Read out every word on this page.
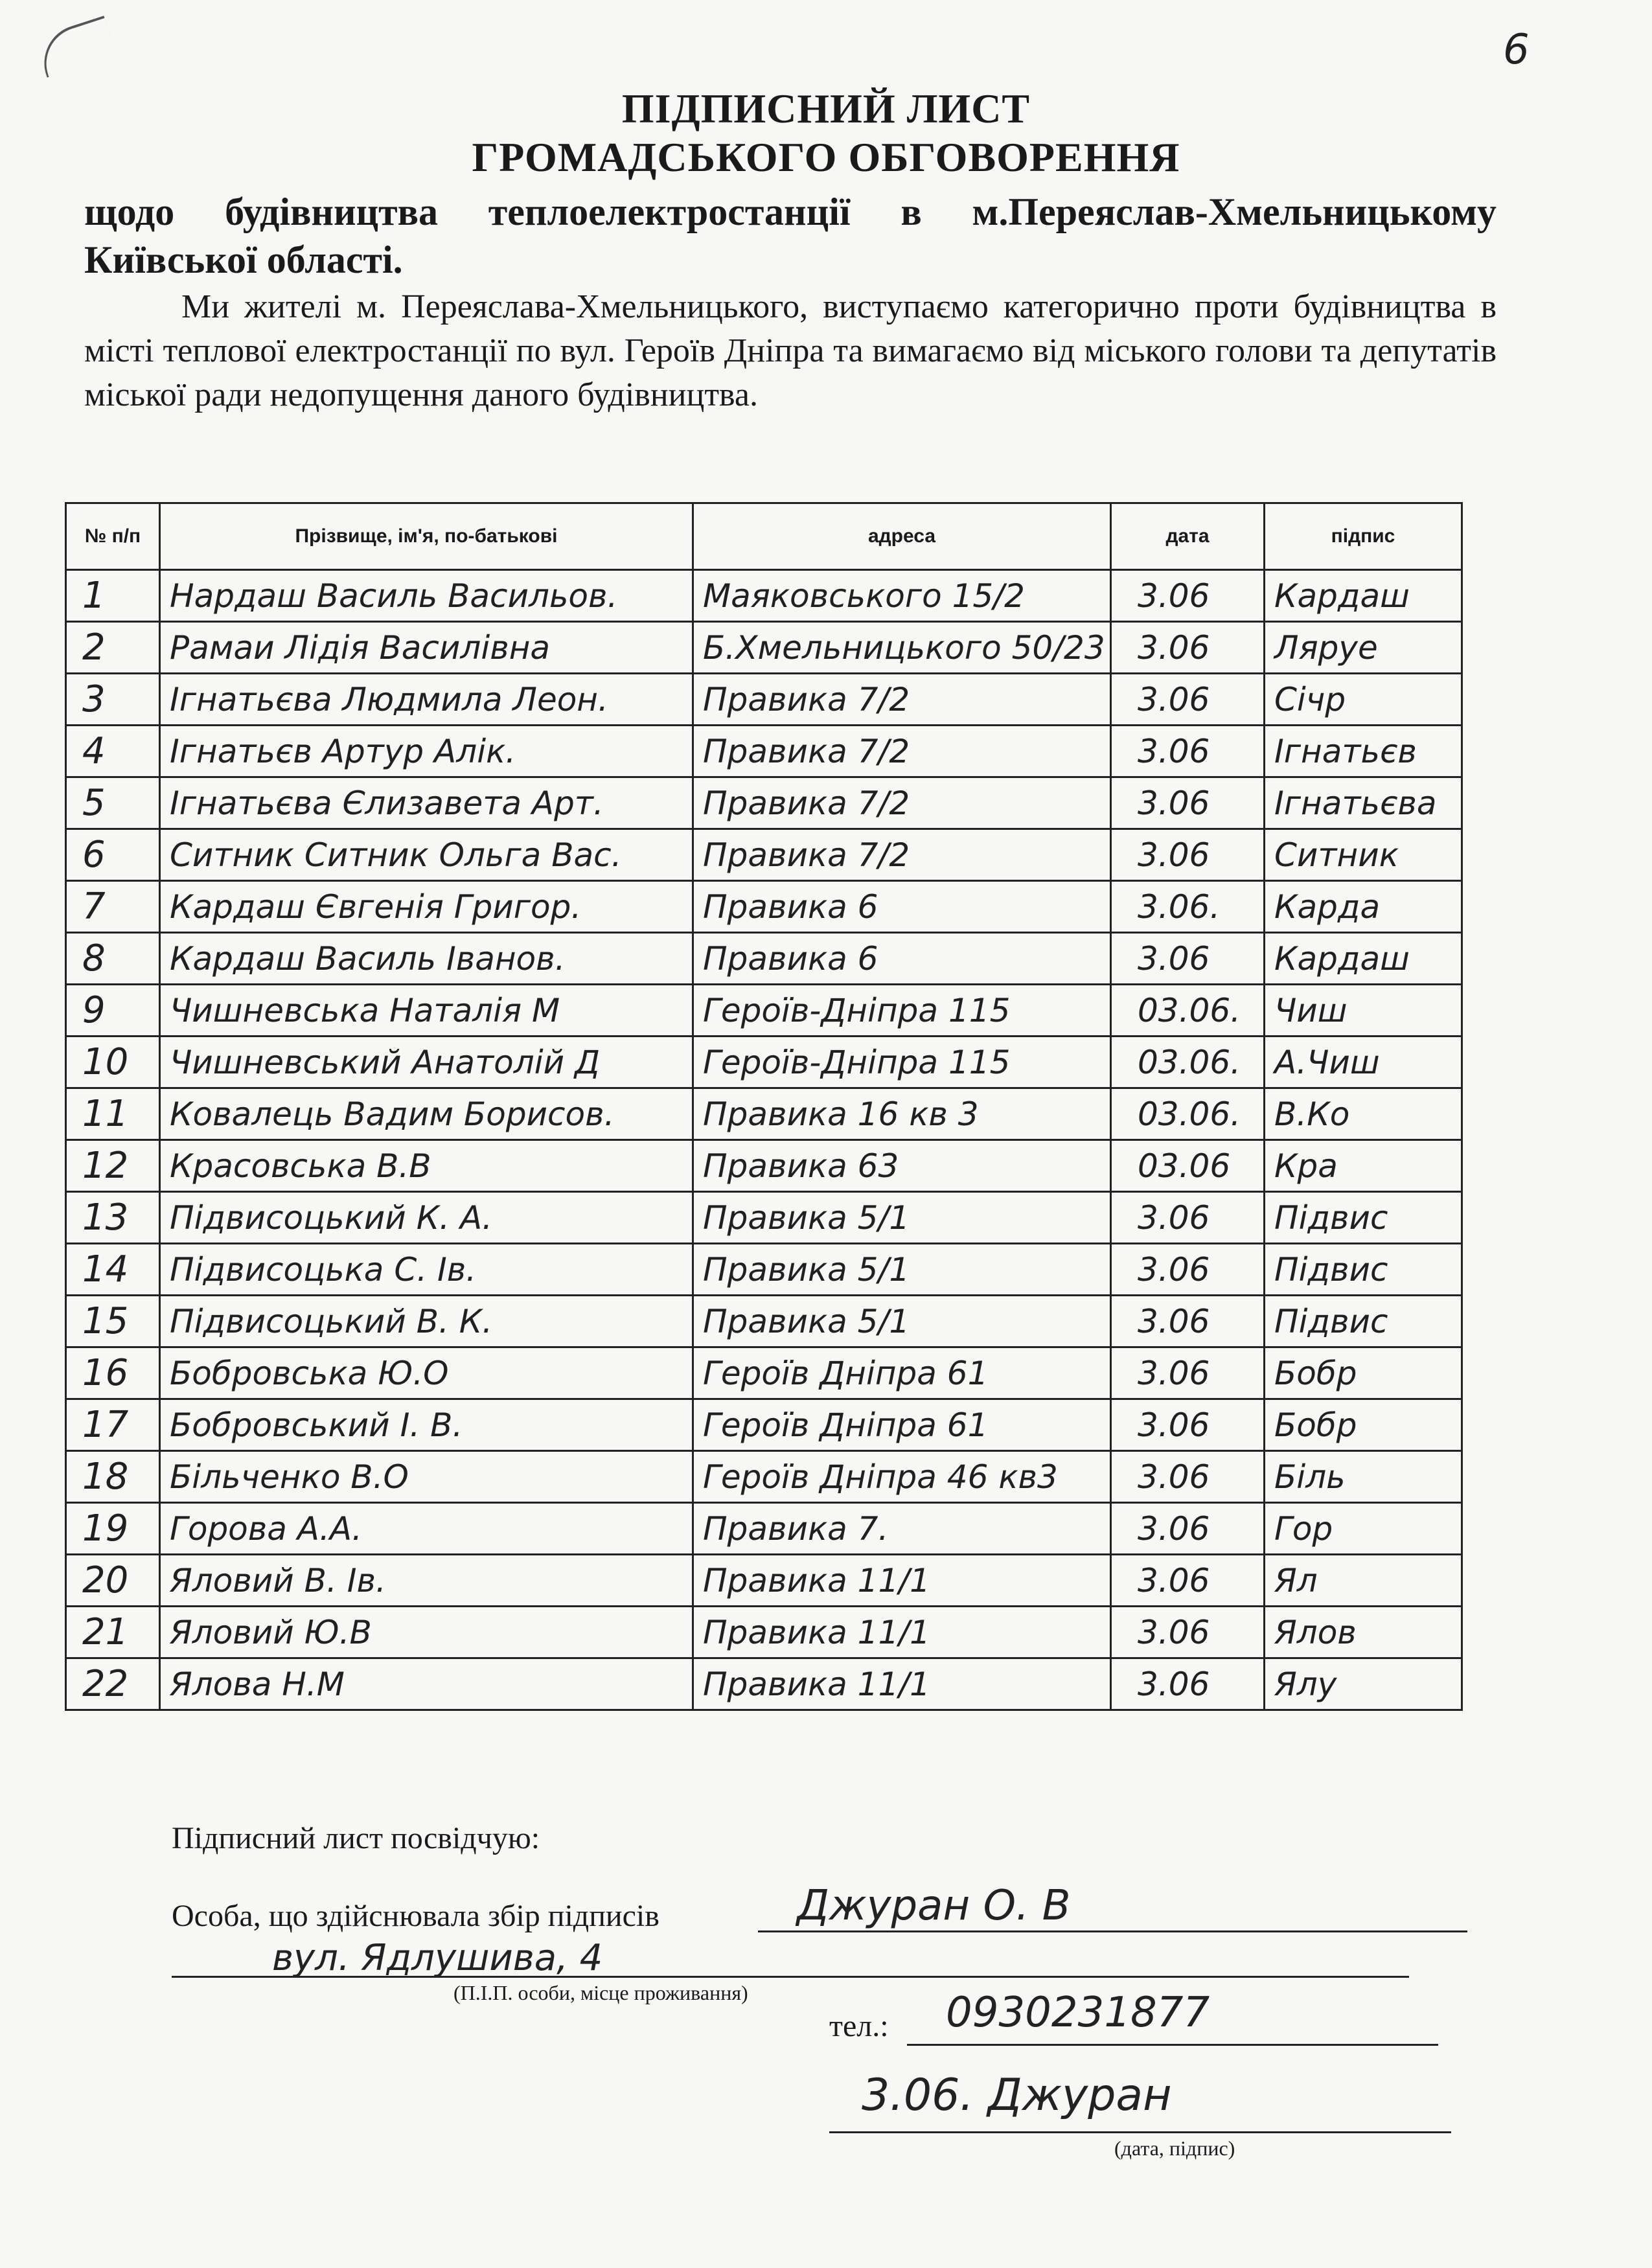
6
ПІДПИСНИЙ ЛИСТ
ГРОМАДСЬКОГО ОБГОВОРЕННЯ
щодо будівництва теплоелектростанції в м.Переяслав-Хмельницькому Київської області.
Ми жителі м. Переяслава-Хмельницького, виступаємо категорично проти будівництва в місті теплової електростанції по вул. Героїв Дніпра та вимагаємо від міського голови та депутатів міської ради недопущення даного будівництва.
№ п/п	Прізвище, ім'я, по-батькові	адреса	дата	підпис
1	Нардаш Василь Васильов.	Маяковського 15/2	3.06	Кардаш
2	Рамаи Лідія Василівна	Б.Хмельницького 50/23	3.06	Ляруе
3	Ігнатьєва Людмила Леон.	Правика 7/2	3.06	Січр
4	Ігнатьєв Артур Алік.	Правика 7/2	3.06	Ігнатьєв
5	Ігнатьєва Єлизавета Арт.	Правика 7/2	3.06	Ігнатьєва
6	Ситник Ситник Ольга Вас.	Правика 7/2	3.06	Ситник
7	Кардаш Євгенія Григор.	Правика 6	3.06.	Карда
8	Кардаш Василь Іванов.	Правика 6	3.06	Кардаш
9	Чишневська Наталія М	Героїв-Дніпра 115	03.06.	Чиш
10	Чишневський Анатолій Д	Героїв-Дніпра 115	03.06.	А.Чиш
11	Ковалець Вадим Борисов.	Правика 16 кв 3	03.06.	В.Ко
12	Красовська В.В	Правика 63	03.06	Кра
13	Підвисоцький К. А.	Правика 5/1	3.06	Підвис
14	Підвисоцька С. Ів.	Правика 5/1	3.06	Підвис
15	Підвисоцький В. К.	Правика 5/1	3.06	Підвис
16	Бобровська Ю.О	Героїв Дніпра 61	3.06	Бобр
17	Бобровський І. В.	Героїв Дніпра 61	3.06	Бобр
18	Більченко В.О	Героїв Дніпра 46 кв3	3.06	Біль
19	Горова А.А.	Правика 7.	3.06	Гор
20	Яловий В. Ів.	Правика 11/1	3.06	Ял
21	Яловий Ю.В	Правика 11/1	3.06	Ялов
22	Ялова Н.М	Правика 11/1	3.06	Ялу
Підписний лист посвідчую:
Особа, що здійснювала збір підписів	Джуран О. В
вул. Ядлушива, 4
(П.І.П. особи, місце проживання)
тел.: 0930231877
3.06. Джуран
(дата, підпис)
